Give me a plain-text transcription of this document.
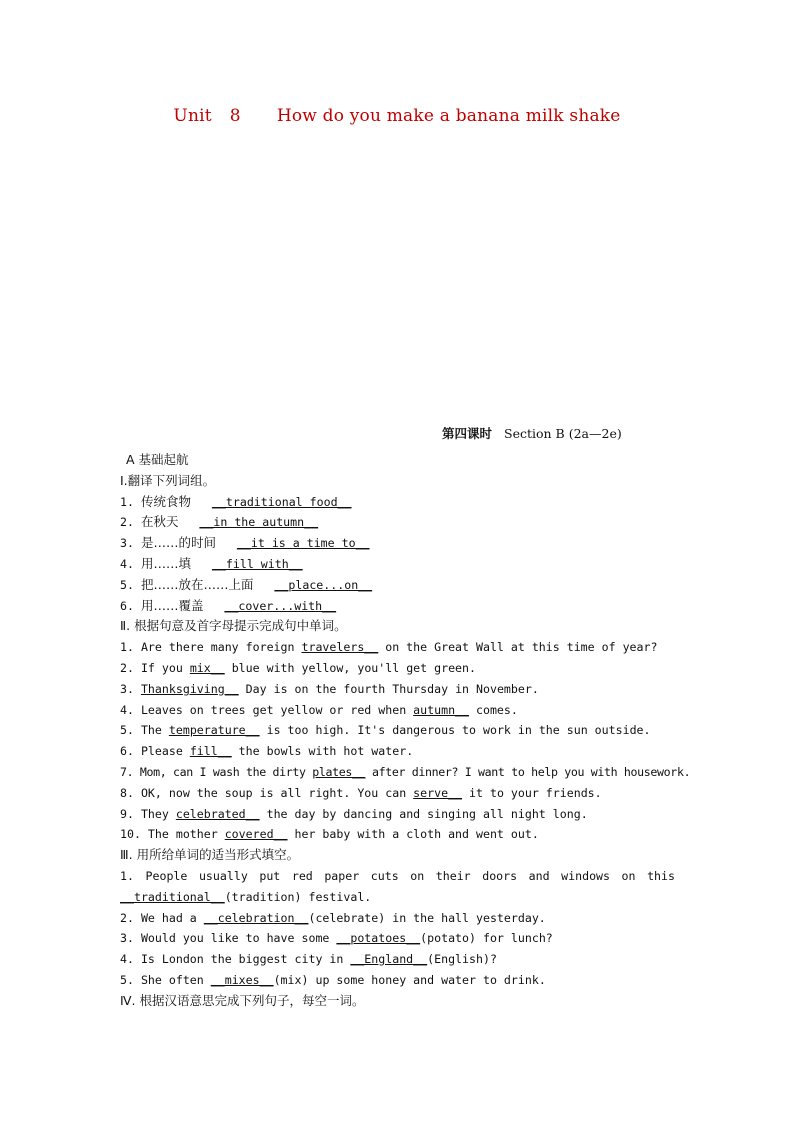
Unit 8 How do you make a banana milk shake
第四课时 Section B (2a—2e)
A 基础起航
Ⅰ.翻译下列词组。
1. 传统食物 __traditional food__
2. 在秋天 __in the autumn__
3. 是……的时间 __it is a time to__
4. 用……填 __fill with__
5. 把……放在……上面 __place...on__
6. 用……覆盖 __cover...with__
Ⅱ. 根据句意及首字母提示完成句中单词。
1. Are there many foreign travelers__ on the Great Wall at this time of year?
2. If you mix__ blue with yellow, you'll get green.
3. Thanksgiving__ Day is on the fourth Thursday in November.
4. Leaves on trees get yellow or red when autumn__ comes.
5. The temperature__ is too high. It's dangerous to work in the sun outside.
6. Please fill__ the bowls with hot water.
7. Mom, can I wash the dirty plates__ after dinner? I want to help you with housework.
8. OK, now the soup is all right. You can serve__ it to your friends.
9. They celebrated__ the day by dancing and singing all night long.
10. The mother covered__ her baby with a cloth and went out.
Ⅲ. 用所给单词的适当形式填空。
1. People usually put red paper cuts on their doors and windows on this
__traditional__(tradition) festival.
2. We had a __celebration__(celebrate) in the hall yesterday.
3. Would you like to have some __potatoes__(potato) for lunch?
4. Is London the biggest city in __England__(English)?
5. She often __mixes__(mix) up some honey and water to drink.
Ⅳ. 根据汉语意思完成下列句子，每空一词。
